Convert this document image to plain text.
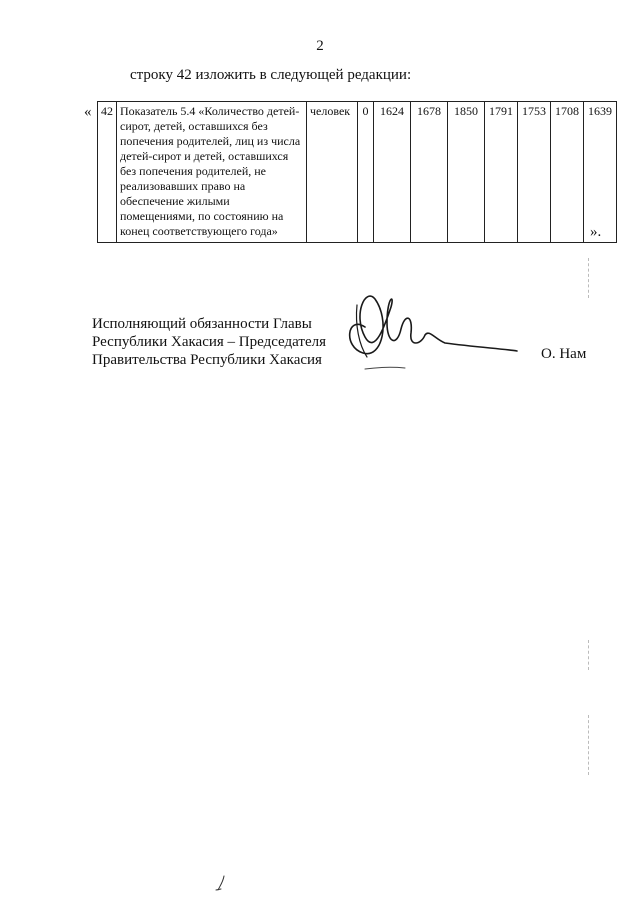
2
строку 42 изложить в следующей редакции:
« 42	Показатель 5.4 «Количество детей-сирот, детей, оставшихся без попечения родителей, лиц из числа детей-сирот и детей, оставшихся без попечения родителей, не реализовавших право на обеспечение жилыми помещениями, по состоянию на конец соответствующего года»	человек	0	1624	1678	1850	1791	1753	1708	1639
».
Исполняющий обязанности Главы
Республики Хакасия – Председателя
Правительства Республики Хакасия	О. Нам
